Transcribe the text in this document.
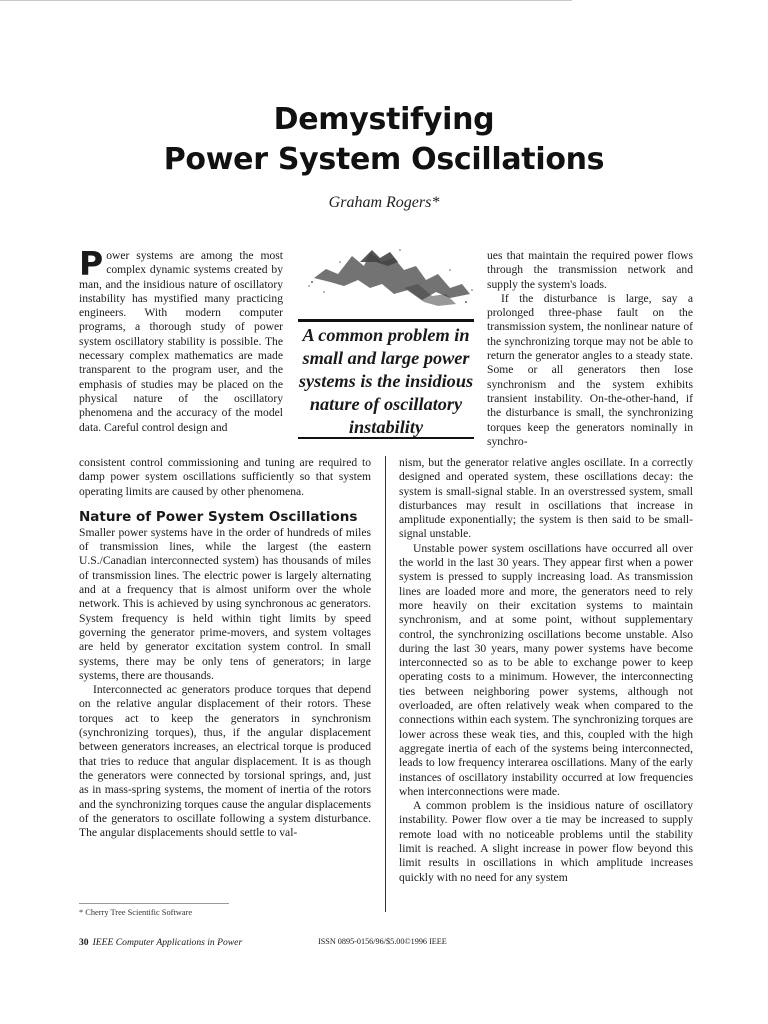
Demystifying
Power System Oscillations
Graham Rogers*

Power systems are among the most complex dynamic systems created by man, and the insidious nature of oscillatory instability has mystified many practicing engineers. With modern computer programs, a thorough study of power system oscillatory stability is possible. The necessary complex mathematics are made transparent to the program user, and the emphasis of studies may be placed on the physical nature of the oscillatory phenomena and the accuracy of the model data. Careful control design and

A common problem in small and large power systems is the insidious nature of oscillatory instability

ues that maintain the required power flows through the transmission network and supply the system's loads.

If the disturbance is large, say a prolonged three-phase fault on the transmission system, the nonlinear nature of the synchronizing torque may not be able to return the generator angles to a steady state. Some or all generators then lose synchronism and the system exhibits transient instability. On-the-other-hand, if the disturbance is small, the synchronizing torques keep the generators nominally in synchro-

consistent control commissioning and tuning are required to damp power system oscillations sufficiently so that system operating limits are caused by other phenomena.

Nature of Power System Oscillations

Smaller power systems have in the order of hundreds of miles of transmission lines, while the largest (the eastern U.S./Canadian interconnected system) has thousands of miles of transmission lines. The electric power is largely alternating and at a frequency that is almost uniform over the whole network. This is achieved by using synchronous ac generators. System frequency is held within tight limits by speed governing the generator prime-movers, and system voltages are held by generator excitation system control. In small systems, there may be only tens of generators; in large systems, there are thousands.

Interconnected ac generators produce torques that depend on the relative angular displacement of their rotors. These torques act to keep the generators in synchronism (synchronizing torques), thus, if the angular displacement between generators increases, an electrical torque is produced that tries to reduce that angular displacement. It is as though the generators were connected by torsional springs, and, just as in mass-spring systems, the moment of inertia of the rotors and the synchronizing torques cause the angular displacements of the generators to oscillate following a system disturbance. The angular displacements should settle to val-

nism, but the generator relative angles oscillate. In a correctly designed and operated system, these oscillations decay: the system is small-signal stable. In an overstressed system, small disturbances may result in oscillations that increase in amplitude exponentially; the system is then said to be small-signal unstable.

Unstable power system oscillations have occurred all over the world in the last 30 years. They appear first when a power system is pressed to supply increasing load. As transmission lines are loaded more and more, the generators need to rely more heavily on their excitation systems to maintain synchronism, and at some point, without supplementary control, the synchronizing oscillations become unstable. Also during the last 30 years, many power systems have become interconnected so as to be able to exchange power to keep operating costs to a minimum. However, the interconnecting ties between neighboring power systems, although not overloaded, are often relatively weak when compared to the connections within each system. The synchronizing torques are lower across these weak ties, and this, coupled with the high aggregate inertia of each of the systems being interconnected, leads to low frequency interarea oscillations. Many of the early instances of oscillatory instability occurred at low frequencies when interconnections were made.

A common problem is the insidious nature of oscillatory instability. Power flow over a tie may be increased to supply remote load with no noticeable problems until the stability limit is reached. A slight increase in power flow beyond this limit results in oscillations in which amplitude increases quickly with no need for any system

* Cherry Tree Scientific Software
30 IEEE Computer Applications in Power	ISSN 0895-0156/96/$5.00©1996 IEEE
